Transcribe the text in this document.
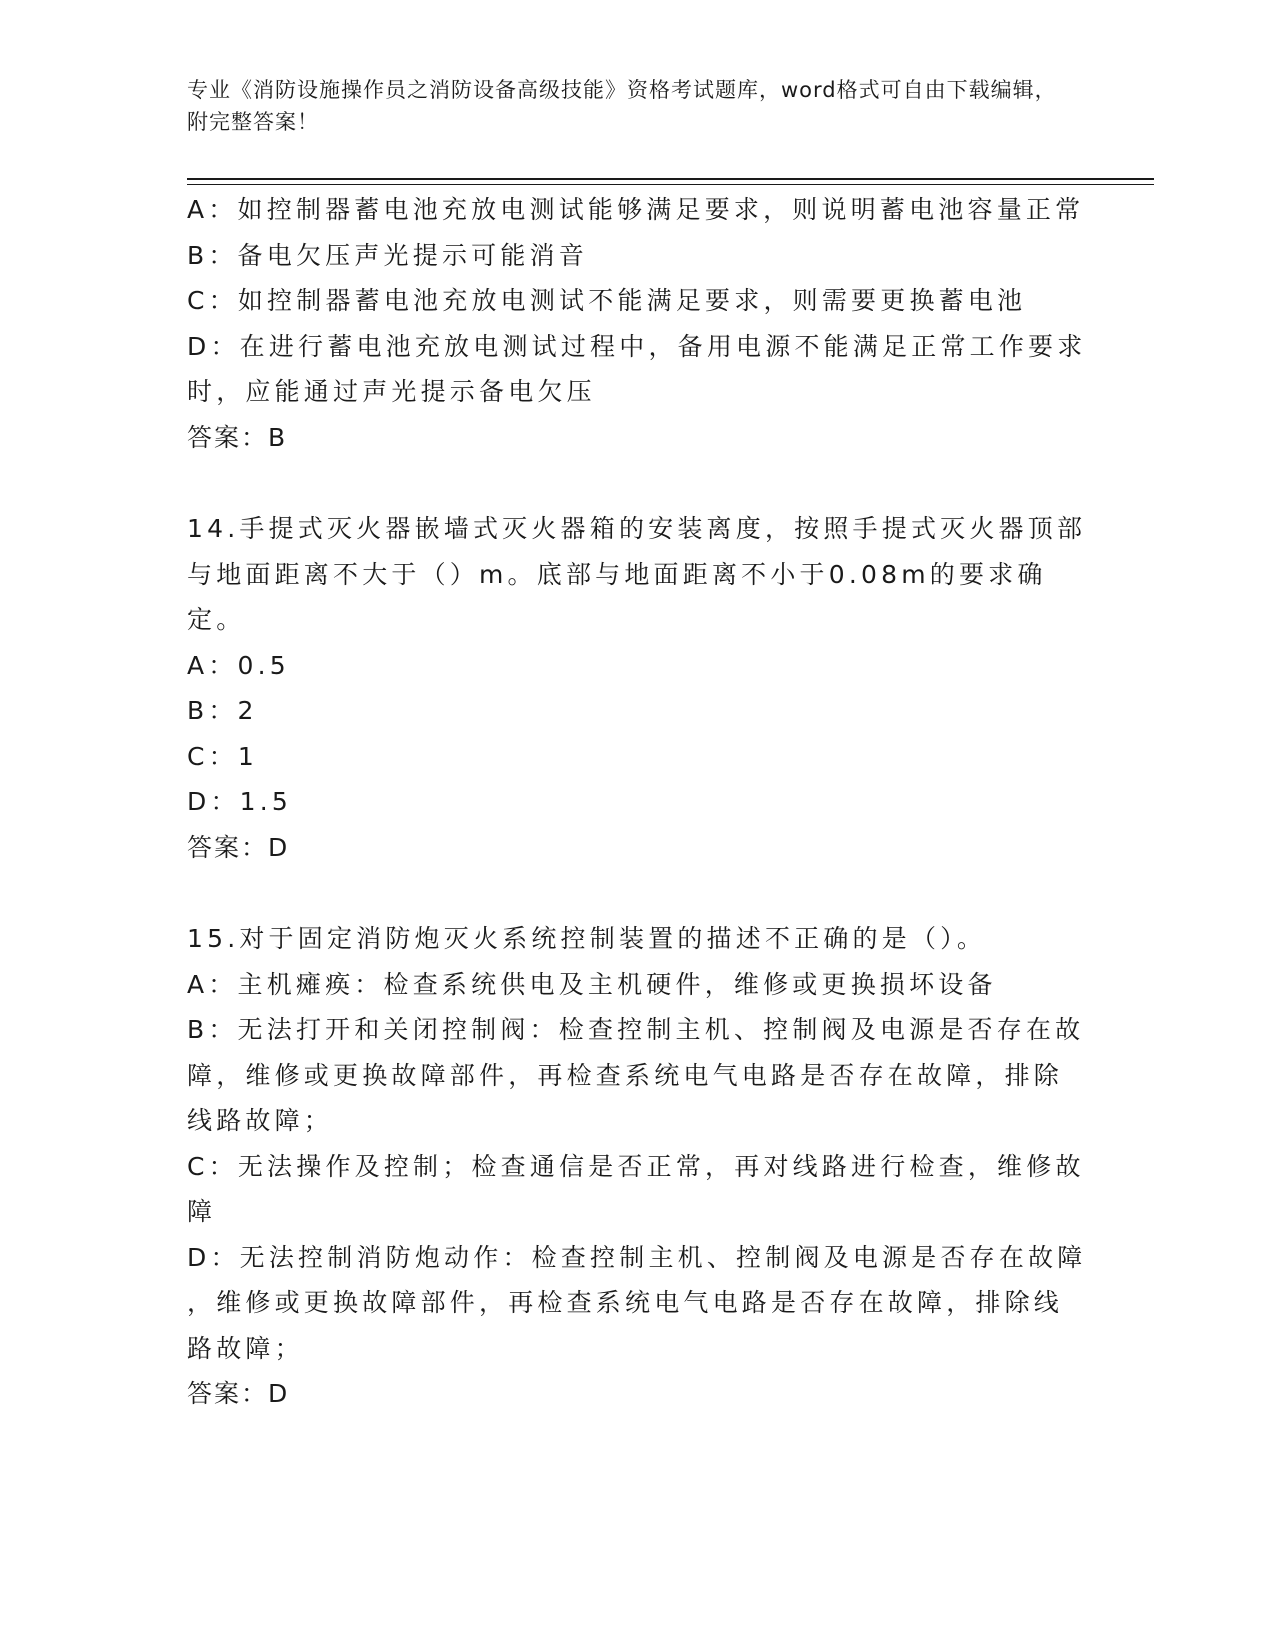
专业《消防设施操作员之消防设备高级技能》资格考试题库，word格式可自由下载编辑，附完整答案！

A：如控制器蓄电池充放电测试能够满足要求，则说明蓄电池容量正常

B：备电欠压声光提示可能消音

C：如控制器蓄电池充放电测试不能满足要求，则需要更换蓄电池

D：在进行蓄电池充放电测试过程中，备用电源不能满足正常工作要求

时，应能通过声光提示备电欠压

答案：B

14.手提式灭火器嵌墙式灭火器箱的安装离度，按照手提式灭火器顶部

与地面距离不大于（）m。底部与地面距离不小于0.08m的要求确定。

A：0.5

B：2

C：1

D：1.5

答案：D

15.对于固定消防炮灭火系统控制装置的描述不正确的是（）。

A：主机瘫痪：检查系统供电及主机硬件，维修或更换损坏设备

B：无法打开和关闭控制阀：检查控制主机、控制阀及电源是否存在故

障，维修或更换故障部件，再检查系统电气电路是否存在故障，排除

线路故障；

C：无法操作及控制；检查通信是否正常，再对线路进行检查，维修故

障

D：无法控制消防炮动作：检查控制主机、控制阀及电源是否存在故障

，维修或更换故障部件，再检查系统电气电路是否存在故障，排除线

路故障；

答案：D
